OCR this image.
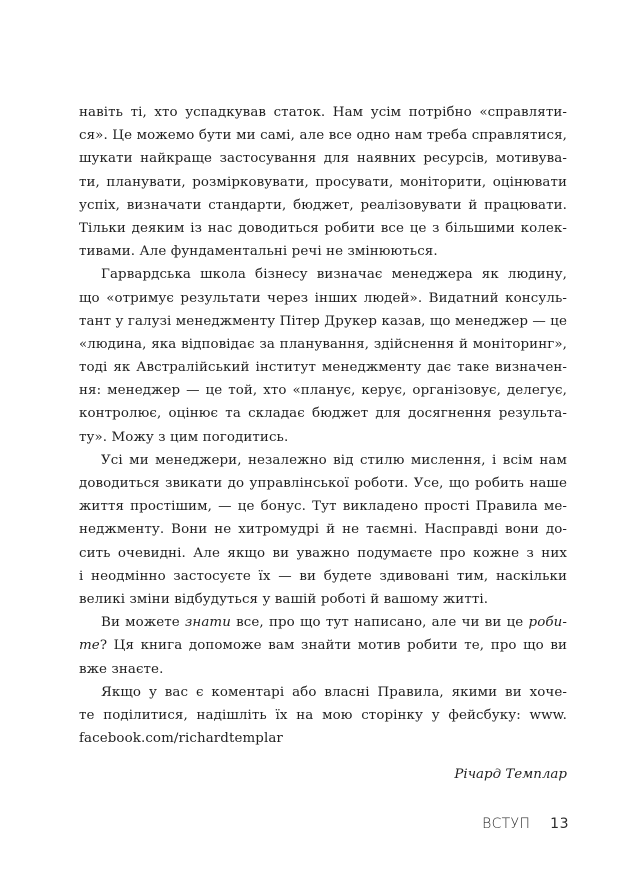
навіть ті, хто успадкував статок. Нам усім потрібно «справляти-
ся». Це можемо бути ми самі, але все одно нам треба справлятися,
шукати найкраще застосування для наявних ресурсів, мотивува-
ти, планувати, розмірковувати, просувати, моніторити, оцінювати
успіх, визначати стандарти, бюджет, реалізовувати й працювати.
Тільки деяким із нас доводиться робити все це з більшими колек-
тивами. Але фундаментальні речі не змінюються.
Гарвардська школа бізнесу визначає менеджера як людину,
що «отримує результати через інших людей». Видатний консуль-
тант у галузі менеджменту Пітер Друкер казав, що менеджер — це
«людина, яка відповідає за планування, здійснення й моніторинг»,
тоді як Австралійський інститут менеджменту дає таке визначен-
ня: менеджер — це той, хто «планує, керує, організовує, делегує,
контролює, оцінює та складає бюджет для досягнення результа-
ту». Можу з цим погодитись.
Усі ми менеджери, незалежно від стилю мислення, і всім нам
доводиться звикати до управлінської роботи. Усе, що робить наше
життя простішим, — це бонус. Тут викладено прості Правила ме-
неджменту. Вони не хитромудрі й не таємні. Насправді вони до-
сить очевидні. Але якщо ви уважно подумаєте про кожне з них
і неодмінно застосуєте їх — ви будете здивовані тим, наскільки
великі зміни відбудуться у вашій роботі й вашому житті.
Ви можете знати все, про що тут написано, але чи ви це роби-
те? Ця книга допоможе вам знайти мотив робити те, про що ви
вже знаєте.
Якщо у вас є коментарі або власні Правила, якими ви хоче-
те поділитися, надішліть їх на мою сторінку у фейсбуку: www.
facebook.com/richardtemplar
Річард Темплар
ВСТУП 13
